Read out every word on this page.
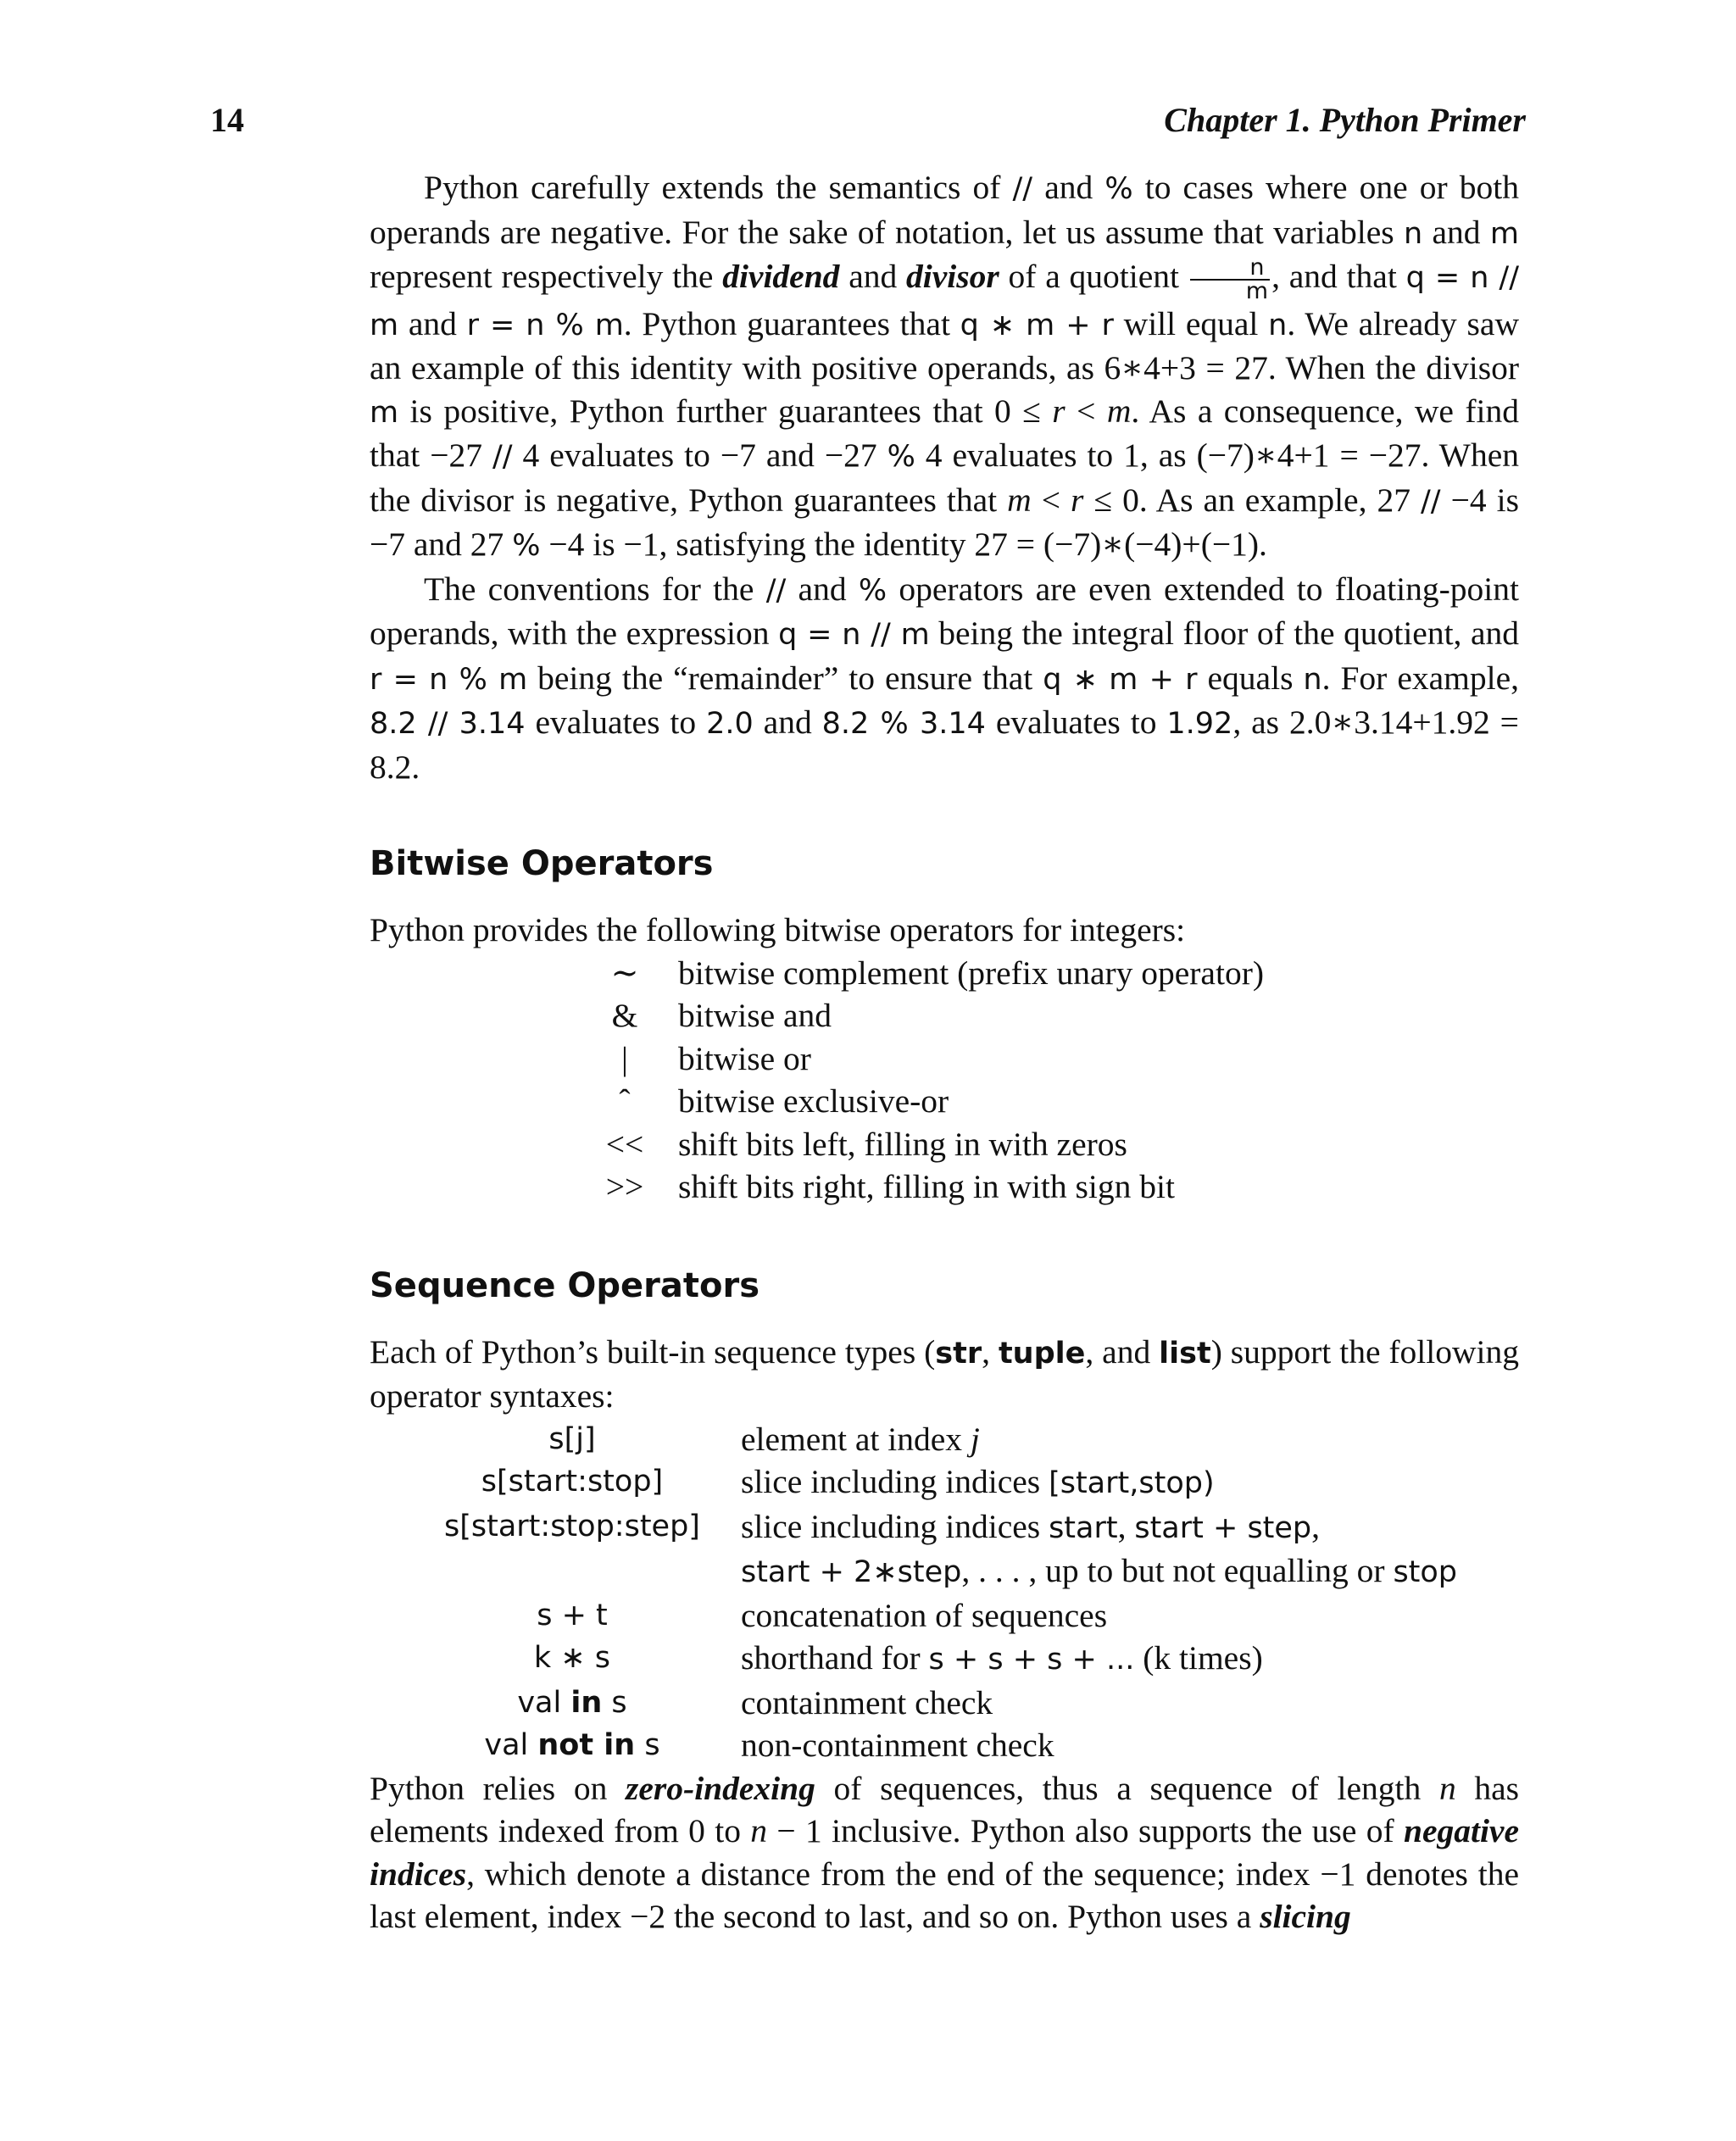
14	Chapter 1. Python Primer

Python carefully extends the semantics of // and % to cases where one or both operands are negative. For the sake of notation, let us assume that variables n and m represent respectively the dividend and divisor of a quotient $\frac{n}{m}$ , and that q = n // m and r = n % m. Python guarantees that q ∗ m + r will equal n. We already saw an example of this identity with positive operands, as 6∗4+3 = 27. When the divisor m is positive, Python further guarantees that 0 ≤ r < m. As a consequence, we find that −27 // 4 evaluates to −7 and −27 % 4 evaluates to 1, as (−7)∗4+1 = −27. When the divisor is negative, Python guarantees that m < r ≤ 0. As an example, 27 // −4 is −7 and 27 % −4 is −1, satisfying the identity 27 = (−7)∗(−4)+(−1).

The conventions for the // and % operators are even extended to floating-point operands, with the expression q = n // m being the integral floor of the quotient, and r = n % m being the “remainder” to ensure that q ∗ m + r equals n. For example, 8.2 // 3.14 evaluates to 2.0 and 8.2 % 3.14 evaluates to 1.92, as 2.0∗3.14+1.92 = 8.2.

Bitwise Operators

Python provides the following bitwise operators for integers:

∼	bitwise complement (prefix unary operator)
&	bitwise and
|	bitwise or
ˆ	bitwise exclusive-or
<<	shift bits left, filling in with zeros
>>	shift bits right, filling in with sign bit
Sequence Operators

Each of Python’s built-in sequence types (str, tuple, and list) support the following operator syntaxes:

s[j]	element at index j
s[start:stop]	slice including indices [start,stop)
s[start:stop:step]	slice including indices start, start + step,
	start + 2∗step, . . . , up to but not equalling or stop
s + t	concatenation of sequences
k ∗ s	shorthand for s + s + s + ... (k times)
val in s	containment check
val not in s	non-containment check

Python relies on zero-indexing of sequences, thus a sequence of length n has elements indexed from 0 to n − 1 inclusive. Python also supports the use of negative indices, which denote a distance from the end of the sequence; index −1 denotes the last element, index −2 the second to last, and so on. Python uses a slicing
